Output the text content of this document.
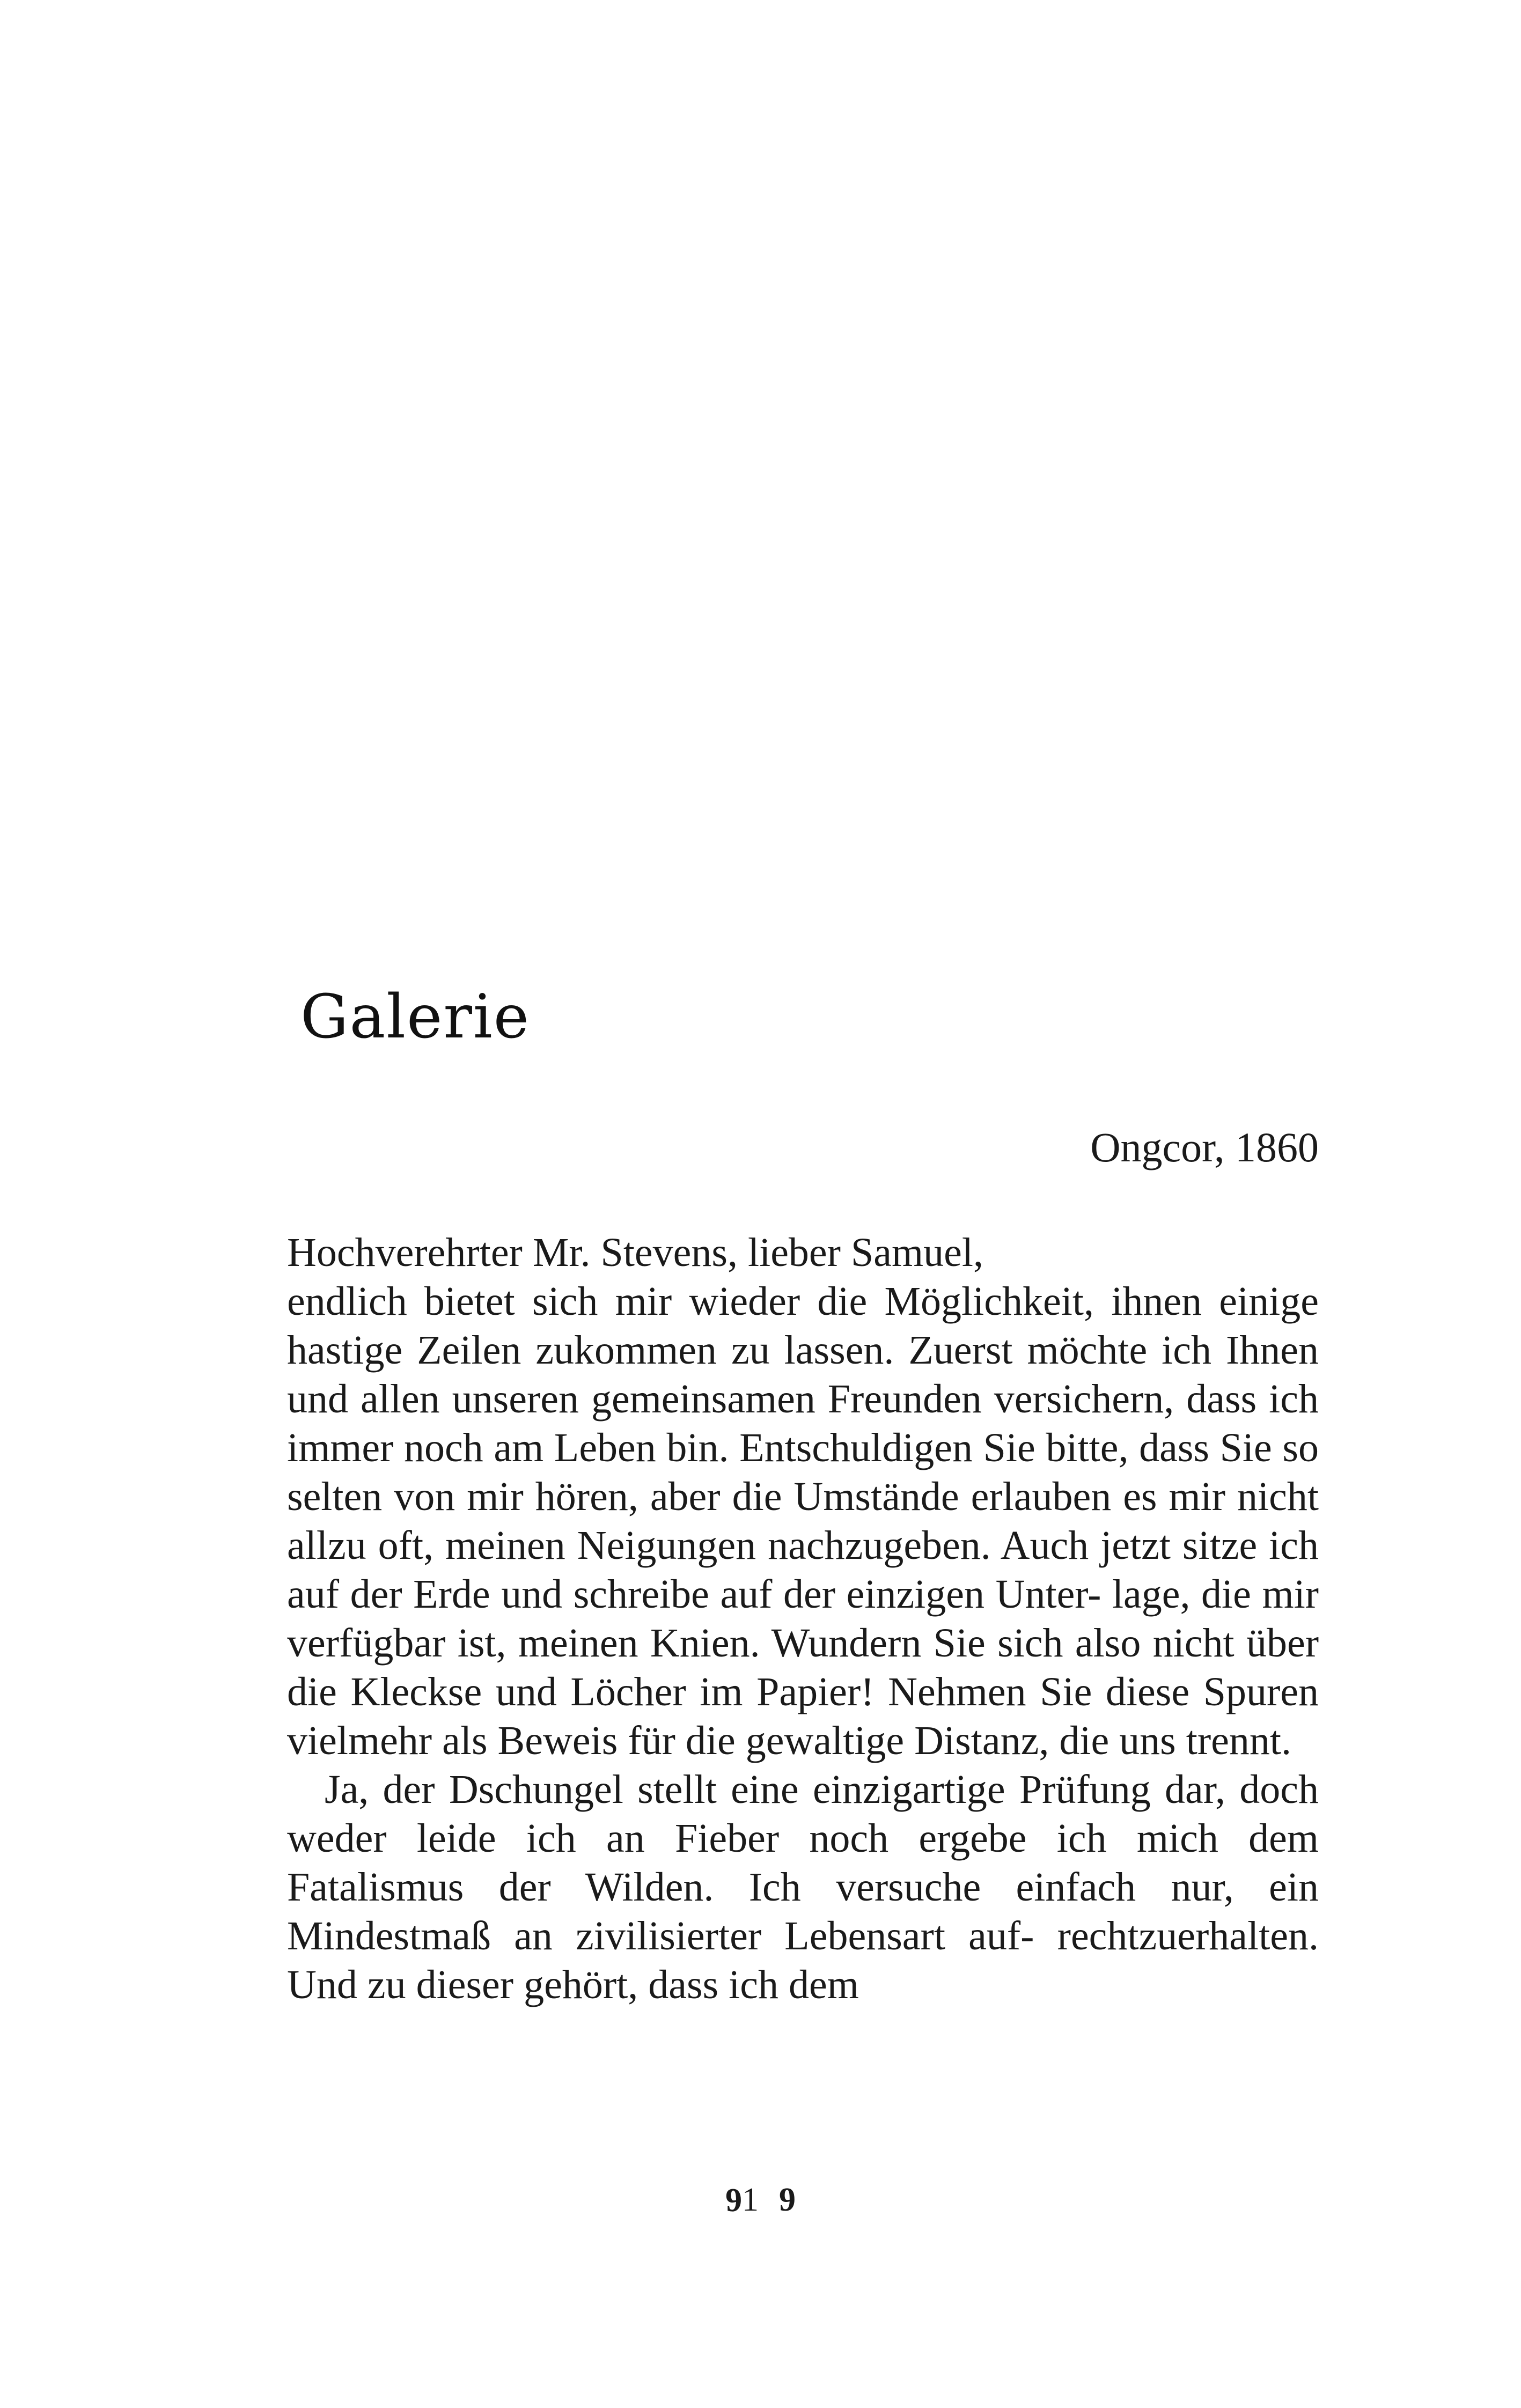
Galerie

Ongcor, 1860

Hochverehrter Mr. Stevens, lieber Samuel,

endlich bietet sich mir wieder die Möglichkeit, ihnen einige hastige Zeilen zukommen zu lassen. Zuerst möchte ich Ihnen und allen unseren gemeinsamen Freunden versichern, dass ich immer noch am Leben bin. Entschuldigen Sie bitte, dass Sie so selten von mir hören, aber die Umstände erlauben es mir nicht allzu oft, meinen Neigungen nachzugeben. Auch jetzt sitze ich auf der Erde und schreibe auf der einzigen Unter- lage, die mir verfügbar ist, meinen Knien. Wundern Sie sich also nicht über die Kleckse und Löcher im Papier! Nehmen Sie diese Spuren vielmehr als Beweis für die gewaltige Distanz, die uns trennt.

Ja, der Dschungel stellt eine einzigartige Prüfung dar, doch weder leide ich an Fieber noch ergebe ich mich dem Fatalismus der Wilden. Ich versuche einfach nur, ein Mindestmaß an zivilisierter Lebensart auf- rechtzuerhalten. Und zu dieser gehört, dass ich dem

619
